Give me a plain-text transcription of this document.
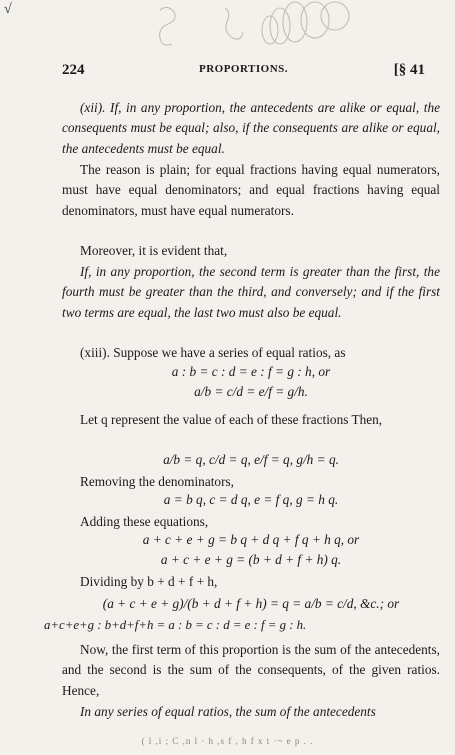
√
224	PROPORTIONS.	[§ 41

(xii). If, in any proportion, the antecedents are alike or equal, the consequents must be equal; also, if the consequents are alike or equal, the antecedents must be equal.

The reason is plain; for equal fractions having equal numerators, must have equal denominators; and equal fractions having equal denominators, must have equal numerators.

Moreover, it is evident that,

If, in any proportion, the second term is greater than the first, the fourth must be greater than the third, and conversely; and if the first two terms are equal, the last two must also be equal.

(xiii). Suppose we have a series of equal ratios, as

a : b = c : d = e : f = g : h, or

a/b = c/d = e/f = g/h.

Let q represent the value of each of these fractions Then,

a/b = q, c/d = q, e/f = q, g/h = q.

Removing the denominators,

a = b q, c = d q, e = f q, g = h q.

Adding these equations,

a + c + e + g = b q + d q + f q + h q, or

a + c + e + g = (b + d + f + h) q.

Dividing by b + d + f + h,

(a + c + e + g)/(b + d + f + h) = q = a/b = c/d, &c.; or

a+c+e+g : b+d+f+h = a : b = c : d = e : f = g : h.

Now, the first term of this proportion is the sum of the antecedents, and the second is the sum of the consequents, of the given ratios. Hence,

In any series of equal ratios, the sum of the antecedents

( l ,i ; C ,n l · h ,s f , h f x t ·~ e p . .
